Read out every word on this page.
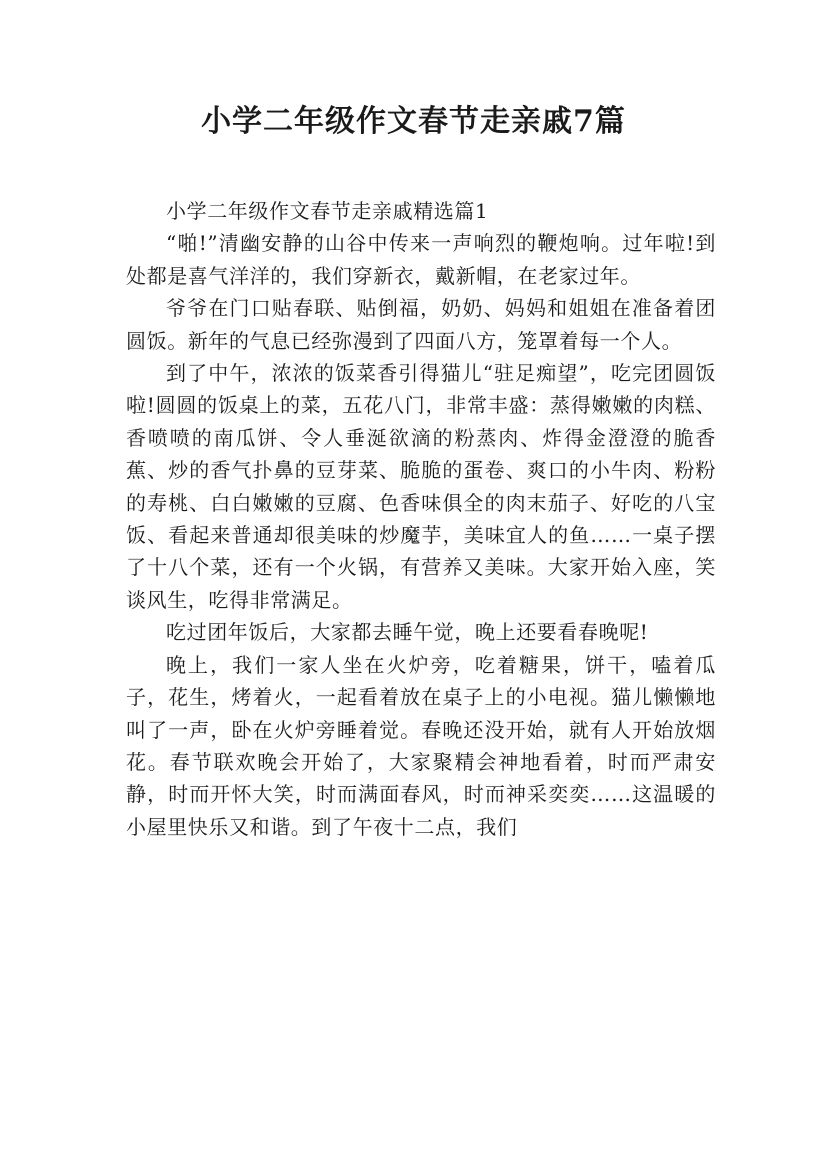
小学二年级作文春节走亲戚7篇

小学二年级作文春节走亲戚精选篇1

“啪!”清幽安静的山谷中传来一声响烈的鞭炮响。过年啦!到处都是喜气洋洋的，我们穿新衣，戴新帽，在老家过年。

爷爷在门口贴春联、贴倒福，奶奶、妈妈和姐姐在准备着团圆饭。新年的气息已经弥漫到了四面八方，笼罩着每一个人。

到了中午，浓浓的饭菜香引得猫儿“驻足痴望”，吃完团圆饭啦!圆圆的饭桌上的菜，五花八门，非常丰盛：蒸得嫩嫩的肉糕、香喷喷的南瓜饼、令人垂涎欲滴的粉蒸肉、炸得金澄澄的脆香蕉、炒的香气扑鼻的豆芽菜、脆脆的蛋卷、爽口的小牛肉、粉粉的寿桃、白白嫩嫩的豆腐、色香味俱全的肉末茄子、好吃的八宝饭、看起来普通却很美味的炒魔芋，美味宜人的鱼……一桌子摆了十八个菜，还有一个火锅，有营养又美味。大家开始入座，笑谈风生，吃得非常满足。

吃过团年饭后，大家都去睡午觉，晚上还要看春晚呢!

晚上，我们一家人坐在火炉旁，吃着糖果，饼干，嗑着瓜子，花生，烤着火，一起看着放在桌子上的小电视。猫儿懒懒地叫了一声，卧在火炉旁睡着觉。春晚还没开始，就有人开始放烟花。春节联欢晚会开始了，大家聚精会神地看着，时而严肃安静，时而开怀大笑，时而满面春风，时而神采奕奕……这温暖的小屋里快乐又和谐。到了午夜十二点，我们
